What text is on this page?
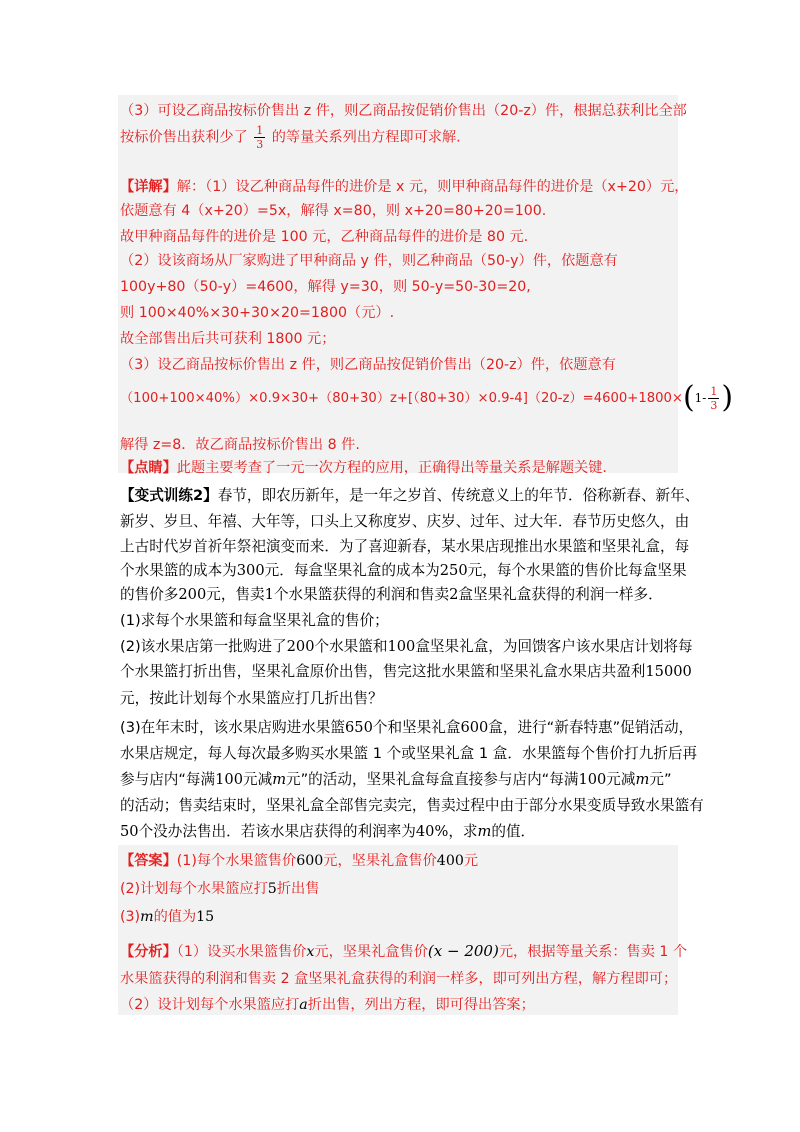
（3）可设乙商品按标价售出 z 件，则乙商品按促销价售出（20-z）件，根据总获利比全部
按标价售出获利少了 $\frac{1}{3}$ 的等量关系列出方程即可求解.
【详解】解：（1）设乙种商品每件的进价是 x 元，则甲种商品每件的进价是（x+20）元，
依题意有 4（x+20）=5x，解得 x=80，则 x+20=80+20=100.
故甲种商品每件的进价是 100 元，乙种商品每件的进价是 80 元.
（2）设该商场从厂家购进了甲种商品 y 件，则乙种商品（50-y）件，依题意有
100y+80（50-y）=4600，解得 y=30，则 50-y=50-30=20,
则 100×40%×30+30×20=1800（元）.
故全部售出后共可获利 1800 元；
（3）设乙商品按标价售出 z 件，则乙商品按促销价售出（20-z）件，依题意有
$(100+100\times 40\%)\times 0.9\times 30+(80+30)z+[(80+30)\times 0.9-4](20-z)=4600+1800\times(1- \frac{1}{3}$ )
解得 z=8．故乙商品按标价售出 8 件.
【点睛】此题主要考查了一元一次方程的应用，正确得出等量关系是解题关键.
【变式训练2】春节，即农历新年，是一年之岁首、传统意义上的年节．俗称新春、新年、
新岁、岁旦、年禧、大年等，口头上又称度岁、庆岁、过年、过大年．春节历史悠久，由
上古时代岁首祈年祭祀演变而来．为了喜迎新春，某水果店现推出水果篮和坚果礼盒，每
个水果篮的成本为300元．每盒坚果礼盒的成本为250元，每个水果篮的售价比每盒坚果
的售价多200元，售卖1个水果篮获得的利润和售卖2盒坚果礼盒获得的利润一样多．
(1)求每个水果篮和每盒坚果礼盒的售价；
(2)该水果店第一批购进了200个水果篮和100盒坚果礼盒，为回馈客户该水果店计划将每
个水果篮打折出售，坚果礼盒原价出售，售完这批水果篮和坚果礼盒水果店共盈利15000
元，按此计划每个水果篮应打几折出售？
(3)在年末时，该水果店购进水果篮650个和坚果礼盒600盒，进行“新春特惠”促销活动，
水果店规定，每人每次最多购买水果篮 1 个或坚果礼盒 1 盒．水果篮每个售价打九折后再
参与店内“每满100元减m元”的活动，坚果礼盒每盒直接参与店内“每满100元减m元”
的活动；售卖结束时，坚果礼盒全部售完卖完，售卖过程中由于部分水果变质导致水果篮有
50个没办法售出．若该水果店获得的利润率为40%，求m的值．
【答案】(1)每个水果篮售价600元，坚果礼盒售价400元
(2)计划每个水果篮应打5折出售
(3)m的值为15
【分析】（1）设买水果篮售价x元，坚果礼盒售价(x − 200)元，根据等量关系：售卖 1 个
水果篮获得的利润和售卖 2 盒坚果礼盒获得的利润一样多，即可列出方程，解方程即可；
（2）设计划每个水果篮应打a折出售，列出方程，即可得出答案；
